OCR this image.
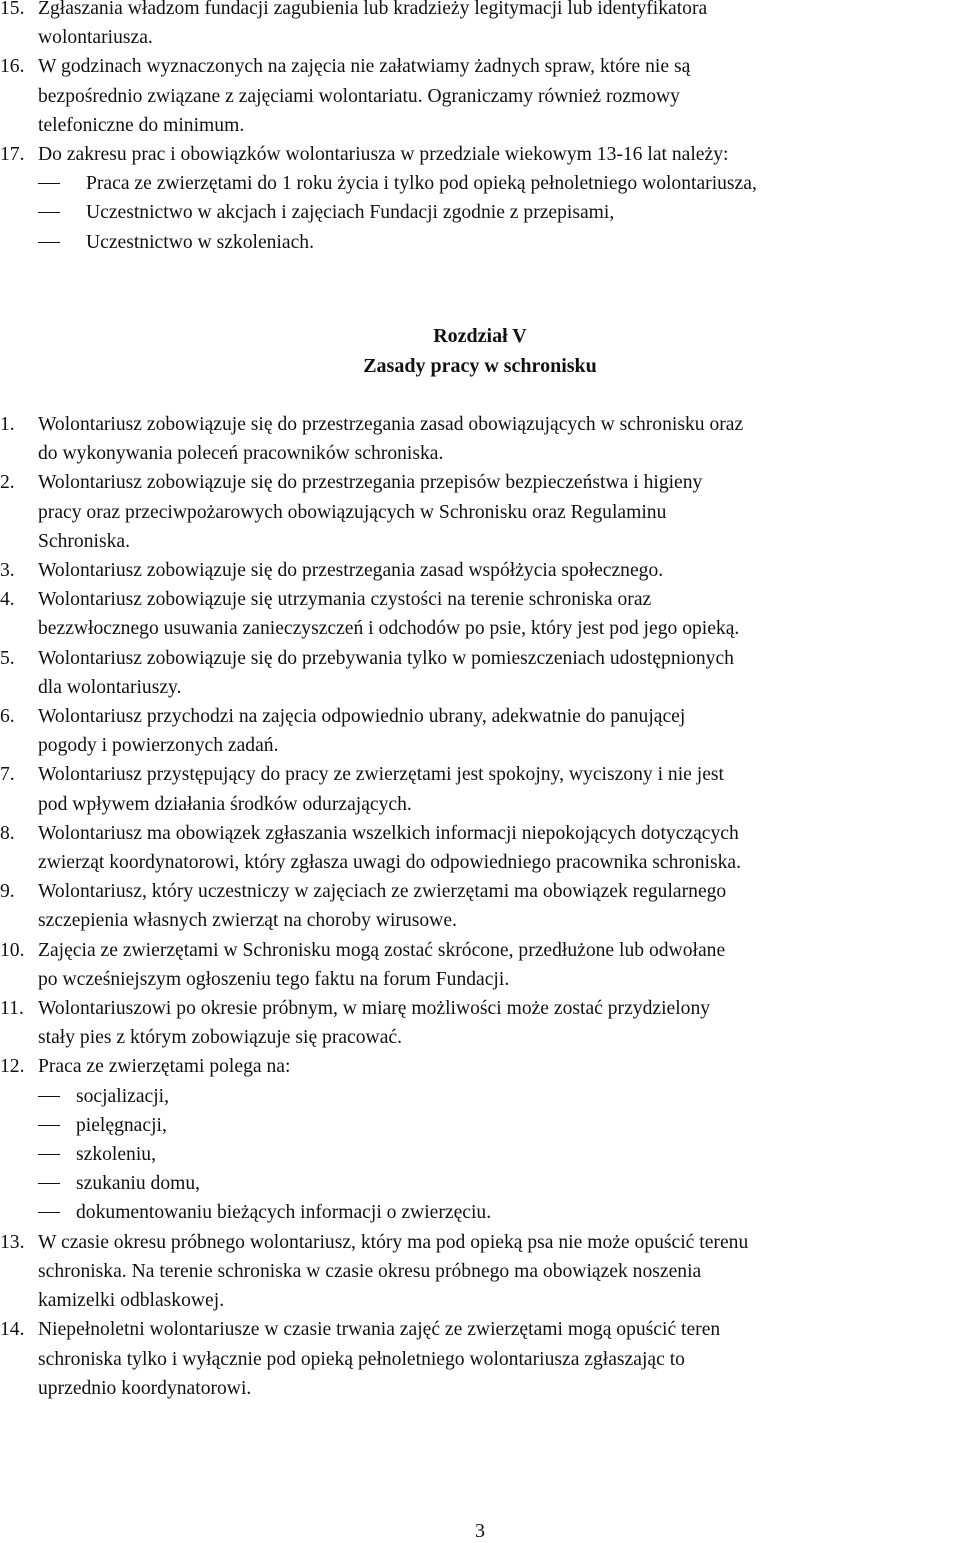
15. Zgłaszania władzom fundacji zagubienia lub kradzieży legitymacji lub identyfikatora
wolontariusza.
16. W godzinach wyznaczonych na zajęcia nie załatwiamy żadnych spraw, które nie są
bezpośrednio związane z zajęciami wolontariatu. Ograniczamy również rozmowy
telefoniczne do minimum.
17. Do zakresu prac i obowiązków wolontariusza w przedziale wiekowym 13-16 lat należy:
Praca ze zwierzętami do 1 roku życia i tylko pod opieką pełnoletniego wolontariusza,
Uczestnictwo w akcjach i zajęciach Fundacji zgodnie z przepisami,
Uczestnictwo w szkoleniach.
Rozdział V
Zasady pracy w schronisku
1. Wolontariusz zobowiązuje się do przestrzegania zasad obowiązujących w schronisku oraz
do wykonywania poleceń pracowników schroniska.
2. Wolontariusz zobowiązuje się do przestrzegania przepisów bezpieczeństwa i higieny
pracy oraz przeciwpożarowych obowiązujących w Schronisku oraz Regulaminu
Schroniska.
3. Wolontariusz zobowiązuje się do przestrzegania zasad współżycia społecznego.
4. Wolontariusz zobowiązuje się utrzymania czystości na terenie schroniska oraz
bezzwłocznego usuwania zanieczyszczeń i odchodów po psie, który jest pod jego opieką.
5. Wolontariusz zobowiązuje się do przebywania tylko w pomieszczeniach udostępnionych
dla wolontariuszy.
6. Wolontariusz przychodzi na zajęcia odpowiednio ubrany, adekwatnie do panującej
pogody i powierzonych zadań.
7. Wolontariusz przystępujący do pracy ze zwierzętami jest spokojny, wyciszony i nie jest
pod wpływem działania środków odurzających.
8. Wolontariusz ma obowiązek zgłaszania wszelkich informacji niepokojących dotyczących
zwierząt koordynatorowi, który zgłasza uwagi do odpowiedniego pracownika schroniska.
9. Wolontariusz, który uczestniczy w zajęciach ze zwierzętami ma obowiązek regularnego
szczepienia własnych zwierząt na choroby wirusowe.
10. Zajęcia ze zwierzętami w Schronisku mogą zostać skrócone, przedłużone lub odwołane
po wcześniejszym ogłoszeniu tego faktu na forum Fundacji.
11. Wolontariuszowi po okresie próbnym, w miarę możliwości może zostać przydzielony
stały pies z którym zobowiązuje się pracować.
12. Praca ze zwierzętami polega na:
socjalizacji,
pielęgnacji,
szkoleniu,
szukaniu domu,
dokumentowaniu bieżących informacji o zwierzęciu.
13. W czasie okresu próbnego wolontariusz, który ma pod opieką psa nie może opuścić terenu
schroniska. Na terenie schroniska w czasie okresu próbnego ma obowiązek noszenia
kamizelki odblaskowej.
14. Niepełnoletni wolontariusze w czasie trwania zajęć ze zwierzętami mogą opuścić teren
schroniska tylko i wyłącznie pod opieką pełnoletniego wolontariusza zgłaszając to
uprzednio koordynatorowi.
3
